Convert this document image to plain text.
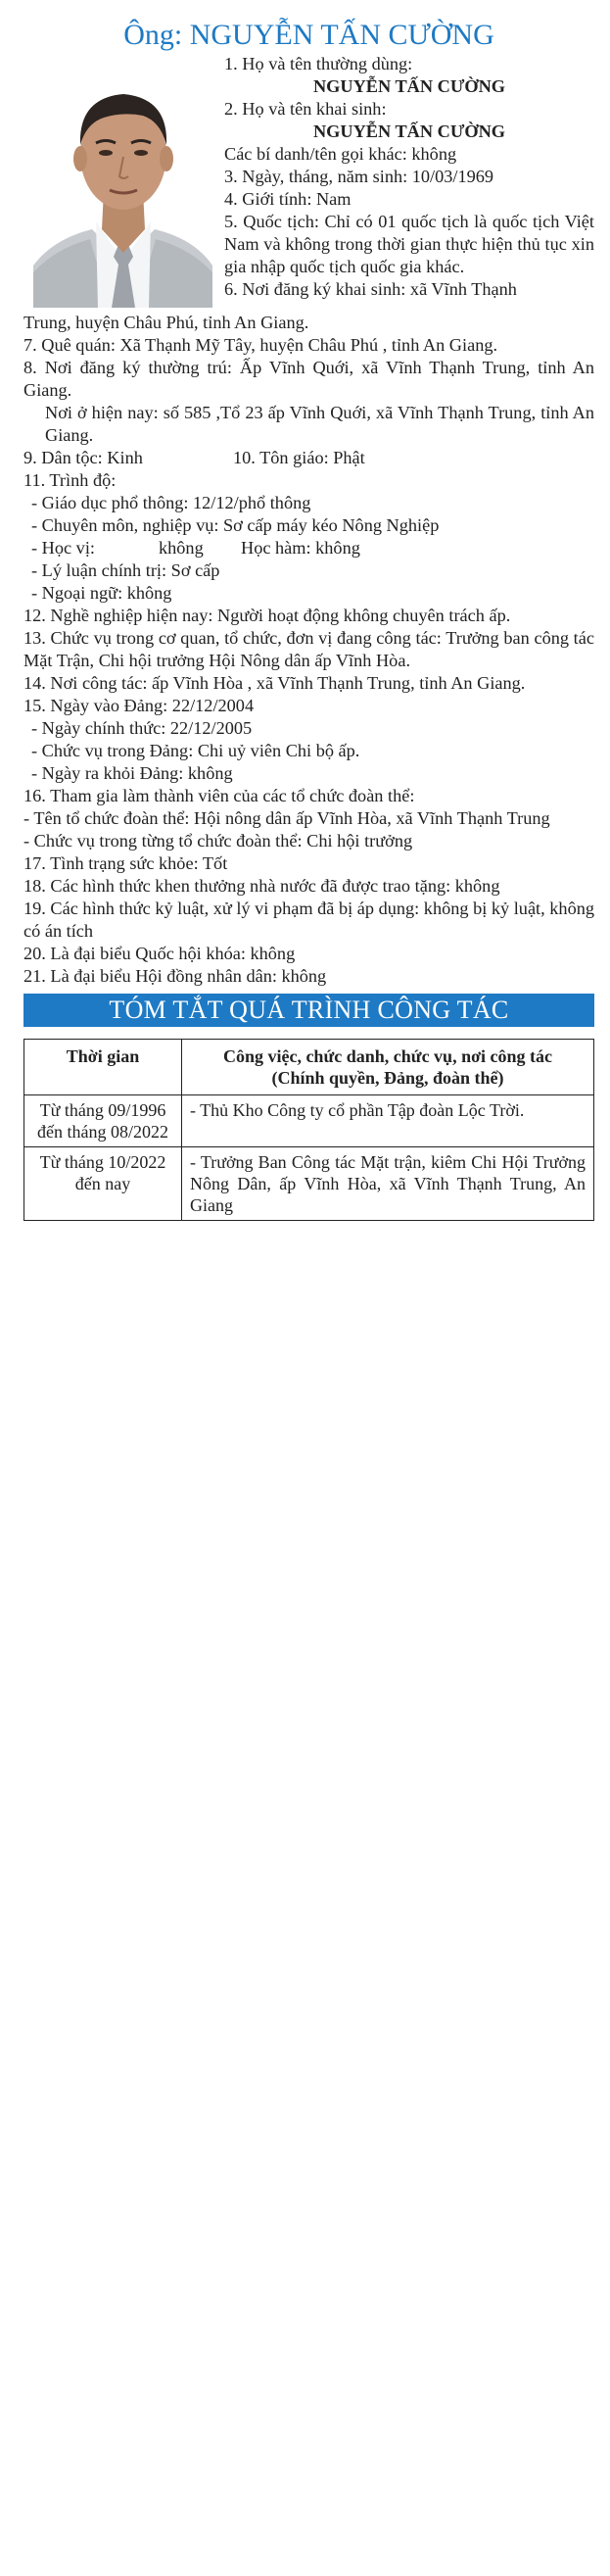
Ông: NGUYỄN TẤN CƯỜNG

1. Họ và tên thường dùng:

NGUYỄN TẤN CƯỜNG

2. Họ và tên khai sinh:

NGUYỄN TẤN CƯỜNG

Các bí danh/tên gọi khác: không

3. Ngày, tháng, năm sinh: 10/03/1969

4. Giới tính: Nam

5. Quốc tịch: Chỉ có 01 quốc tịch là quốc tịch Việt Nam và không trong thời gian thực hiện thủ tục xin gia nhập quốc tịch quốc gia khác.

6. Nơi đăng ký khai sinh: xã Vĩnh Thạnh

Trung, huyện Châu Phú, tỉnh An Giang.

7. Quê quán: Xã Thạnh Mỹ Tây, huyện Châu Phú , tỉnh An Giang.

8. Nơi đăng ký thường trú: Ấp Vĩnh Quới, xã Vĩnh Thạnh Trung, tỉnh An Giang.

Nơi ở hiện nay: số 585 ,Tổ 23 ấp Vĩnh Quới, xã Vĩnh Thạnh Trung, tỉnh An Giang.

9. Dân tộc: Kinh	10. Tôn giáo: Phật

11. Trình độ:

- Giáo dục phổ thông: 12/12/phổ thông

- Chuyên môn, nghiệp vụ: Sơ cấp máy kéo Nông Nghiệp

- Học vị:	không Học hàm: không

- Lý luận chính trị: Sơ cấp

- Ngoại ngữ: không

12. Nghề nghiệp hiện nay: Người hoạt động không chuyên trách ấp.

13. Chức vụ trong cơ quan, tổ chức, đơn vị đang công tác: Trưởng ban công tác Mặt Trận, Chi hội trưởng Hội Nông dân ấp Vĩnh Hòa.

14. Nơi công tác: ấp Vĩnh Hòa , xã Vĩnh Thạnh Trung, tỉnh An Giang.

15. Ngày vào Đảng: 22/12/2004

- Ngày chính thức: 22/12/2005

- Chức vụ trong Đảng: Chi uỷ viên Chi bộ ấp.

- Ngày ra khỏi Đảng: không

16. Tham gia làm thành viên của các tổ chức đoàn thể:

- Tên tổ chức đoàn thể: Hội nông dân ấp Vĩnh Hòa, xã Vĩnh Thạnh Trung

- Chức vụ trong từng tổ chức đoàn thể: Chi hội trưởng

17. Tình trạng sức khỏe: Tốt

18. Các hình thức khen thưởng nhà nước đã được trao tặng: không

19. Các hình thức kỷ luật, xử lý vi phạm đã bị áp dụng: không bị kỷ luật, không có án tích

20. Là đại biểu Quốc hội khóa: không

21. Là đại biểu Hội đồng nhân dân: không

TÓM TẮT QUÁ TRÌNH CÔNG TÁC
Thời gian	Công việc, chức danh, chức vụ, nơi công tác
(Chính quyền, Đảng, đoàn thể)

Từ tháng 09/1996 đến tháng 08/2022	- Thủ Kho Công ty cổ phần Tập đoàn Lộc Trời.
Từ tháng 10/2022 đến nay	- Trưởng Ban Công tác Mặt trận, kiêm Chi Hội Trưởng Nông Dân, ấp Vĩnh Hòa, xã Vĩnh Thạnh Trung, An Giang
